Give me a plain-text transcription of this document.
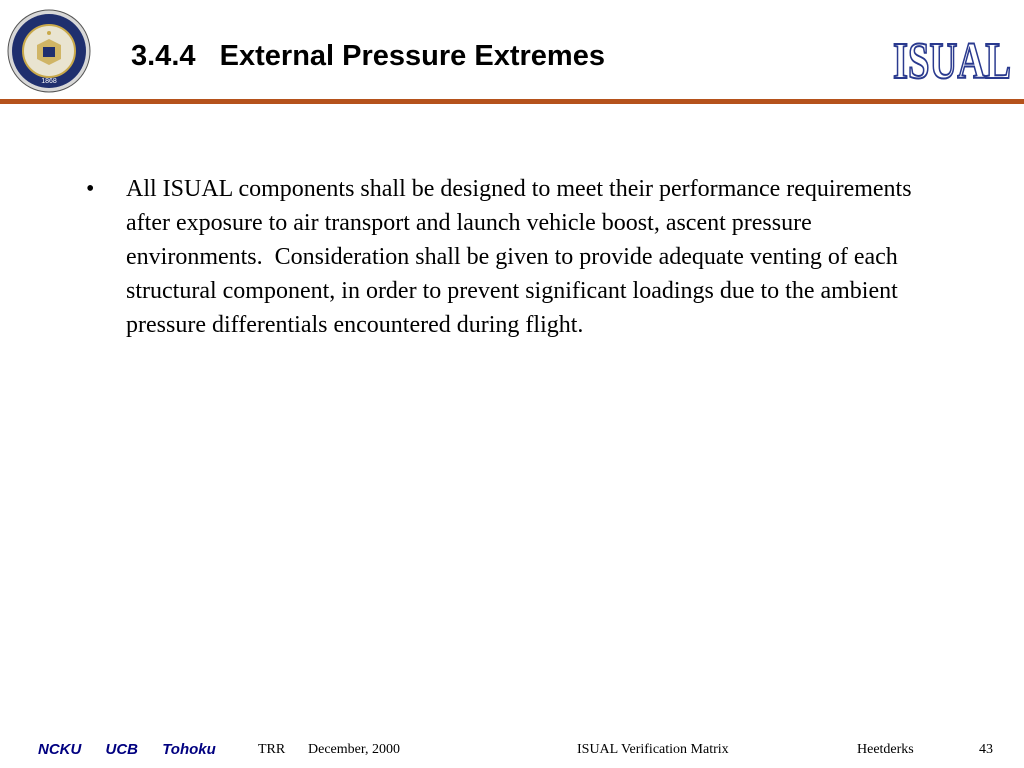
1868
3.4.4   External Pressure Extremes	ISUAL
•	All ISUAL components shall be designed to meet their performance requirements after exposure to air transport and launch vehicle boost, ascent pressure environments.  Consideration shall be given to provide adequate venting of each structural component, in order to prevent significant loadings due to the ambient pressure differentials encountered during flight.
NCKU UCB Tohoku	TRR December, 2000	ISUAL Verification Matrix	Heetderks	43
